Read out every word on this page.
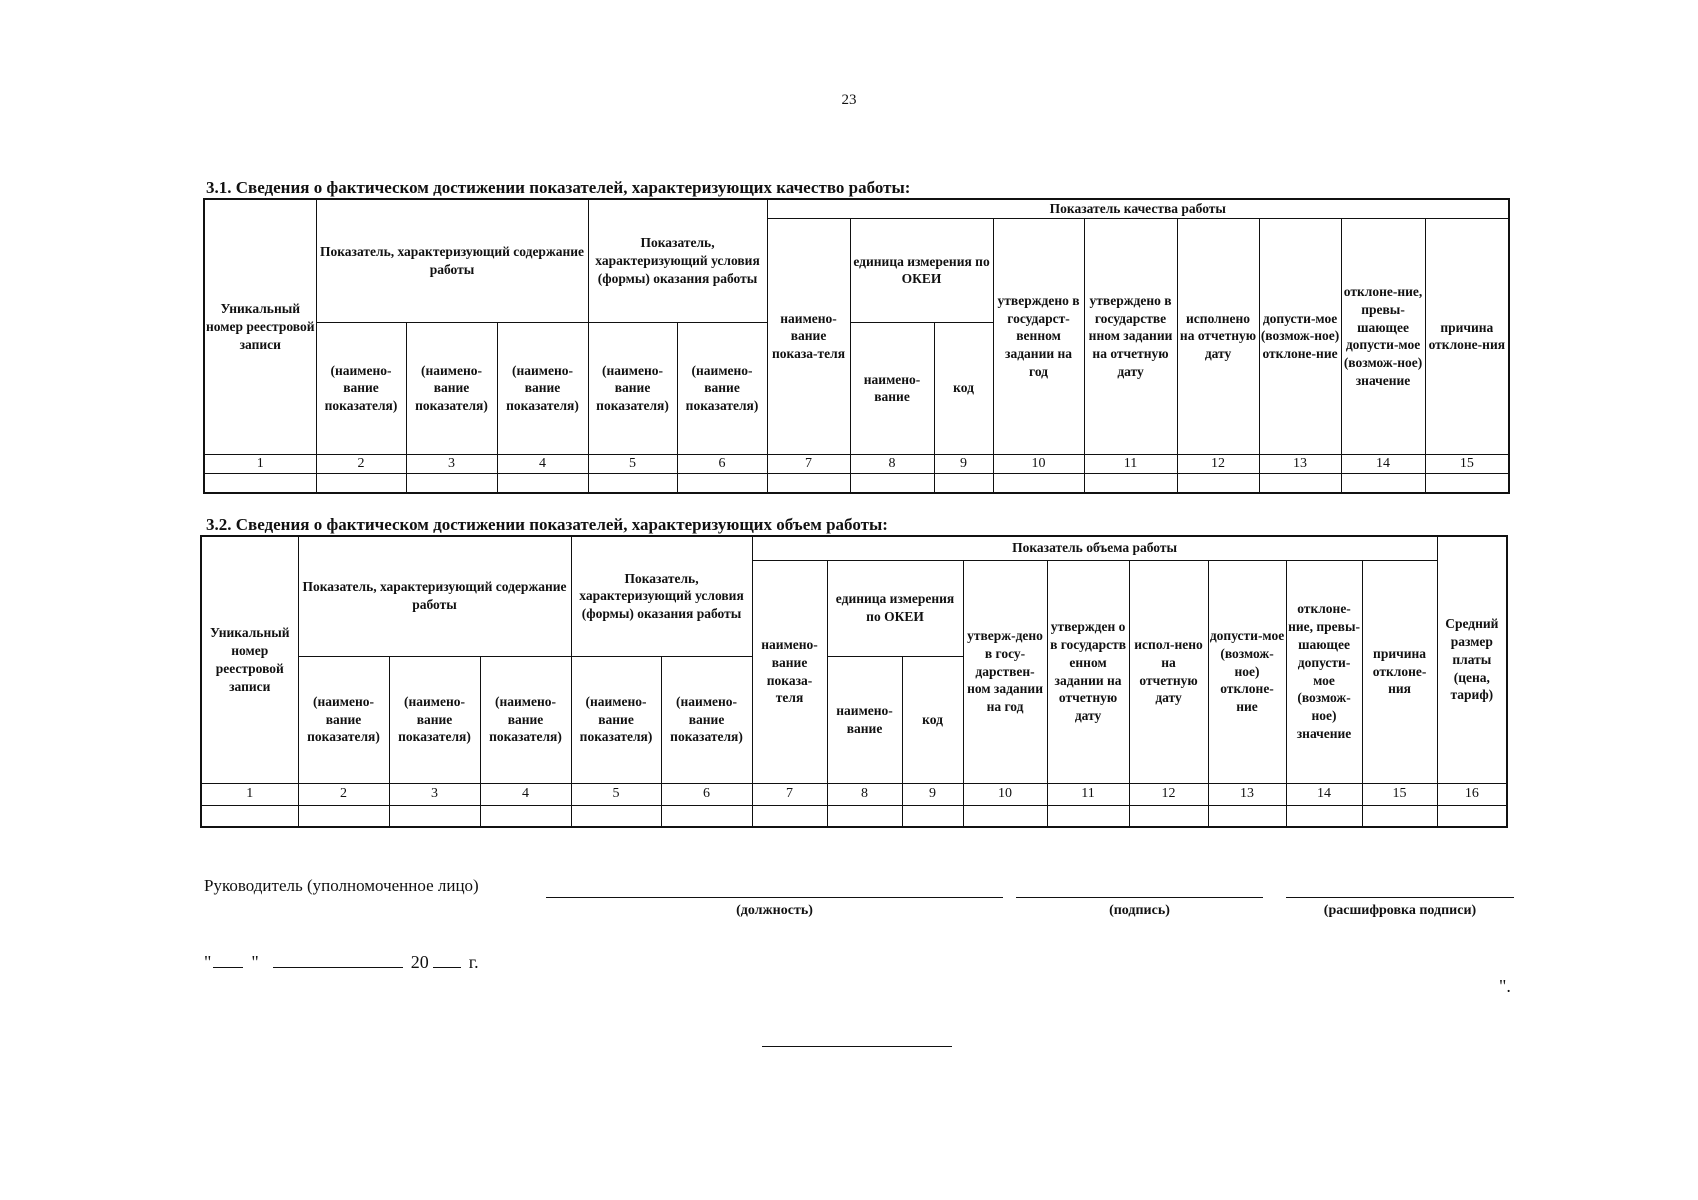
23
3.1. Сведения о фактическом достижении показателей, характеризующих качество работы:
Уникальный номер реестровой записи	Показатель, характеризующий содержание работы			Показатель, характеризующий условия (формы) оказания работы		Показатель качества работы								
						наимено-вание показа-теля	единица измерения по ОКЕИ		утверждено в государст-венном задании на год	утверждено в государстве нном задании на отчетную дату	исполнено на отчетную дату	допусти-мое (возмож-ное) отклоне-ние	отклоне-ние, превы-шающее допусти-мое (возмож-ное) значение	причина отклоне-ния
	(наимено-вание показателя)	(наимено-вание показателя)	(наимено-вание показателя)	(наимено-вание показателя)	(наимено-вание показателя)		наимено-вание	код						
1	2	3	4	5	6	7	8	9	10	11	12	13	14	15

3.2. Сведения о фактическом достижении показателей, характеризующих объем работы:
Уникальный номер реестровой записи	Показатель, характеризующий содержание работы			Показатель, характеризующий условия (формы) оказания работы		Показатель объема работы									Средний размер платы (цена, тариф)
						наимено-вание показа-теля	единица измерения по ОКЕИ		утверж-дено в госу-дарствен-ном задании на год	утвержден о в государств енном задании на отчетную дату	испол-нено на отчетную дату	допусти-мое (возмож-ное) отклоне-ние	отклоне-ние, превы-шающее допусти-мое (возмож-ное) значение	причина отклоне-ния	
	(наимено-вание показателя)	(наимено-вание показателя)	(наимено-вание показателя)	(наимено-вание показателя)	(наимено-вание показателя)		наимено-вание	код							
1	2	3	4	5	6	7	8	9	10	11	12	13	14	15	16

Руководитель (уполномоченное лицо)
(должность)	(подпись)	(расшифровка подписи)
" "	20 г.
".
